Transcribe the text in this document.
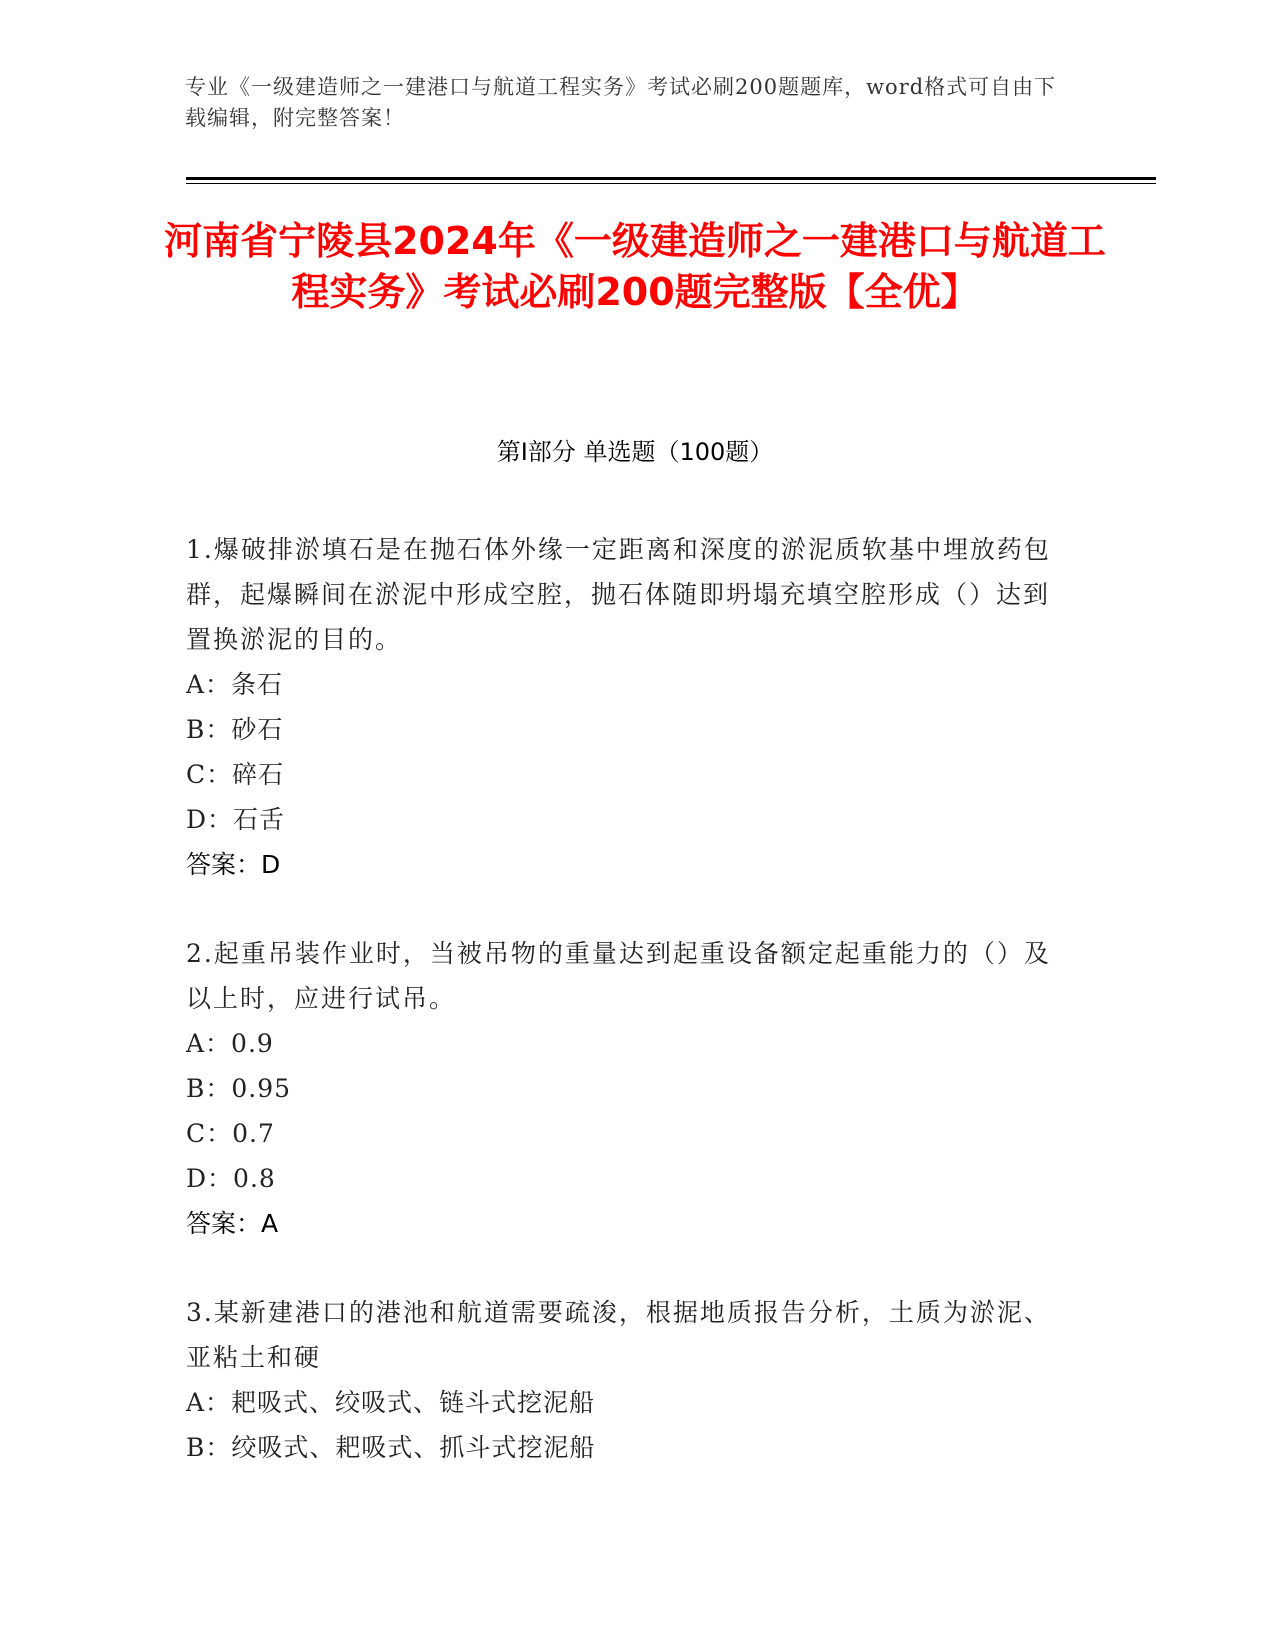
专业《一级建造师之一建港口与航道工程实务》考试必刷200题题库，word格式可自由下载编辑，附完整答案！
河南省宁陵县2024年《一级建造师之一建港口与航道工程实务》考试必刷200题完整版【全优】
第Ⅰ部分 单选题（100题）
1.爆破排淤填石是在抛石体外缘一定距离和深度的淤泥质软基中埋放药包群，起爆瞬间在淤泥中形成空腔，抛石体随即坍塌充填空腔形成（）达到置换淤泥的目的。
A：条石
B：砂石
C：碎石
D：石舌
答案：D
2.起重吊装作业时，当被吊物的重量达到起重设备额定起重能力的（）及以上时，应进行试吊。
A：0.9
B：0.95
C：0.7
D：0.8
答案：A
3.某新建港口的港池和航道需要疏浚，根据地质报告分析，土质为淤泥、亚粘土和硬
A：耙吸式、绞吸式、链斗式挖泥船
B：绞吸式、耙吸式、抓斗式挖泥船
